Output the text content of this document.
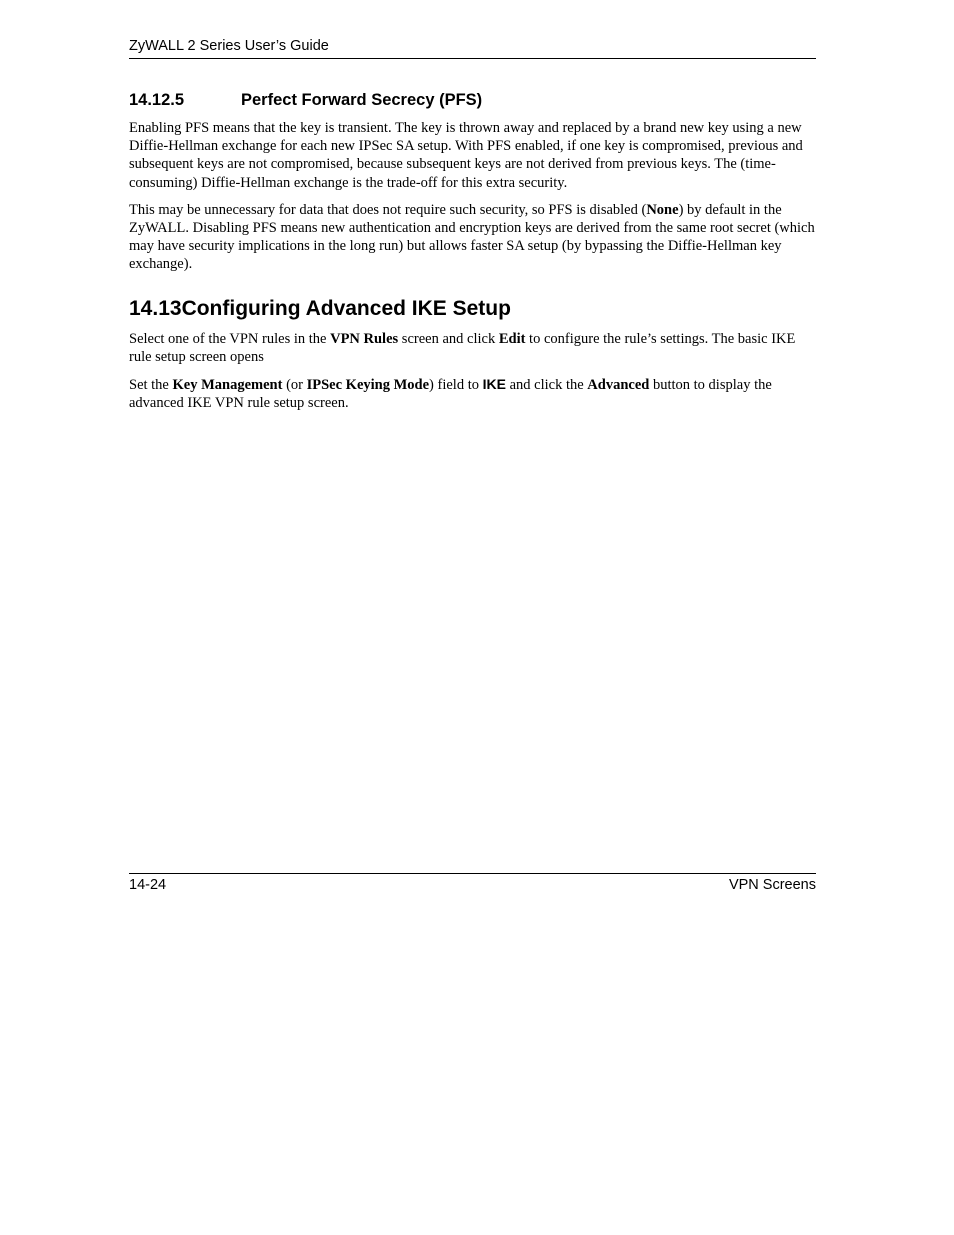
ZyWALL 2 Series User’s Guide
14.12.5	Perfect Forward Secrecy (PFS)

Enabling PFS means that the key is transient. The key is thrown away and replaced by a brand new key using a new Diffie-Hellman exchange for each new IPSec SA setup. With PFS enabled, if one key is compromised, previous and subsequent keys are not compromised, because subsequent keys are not derived from previous keys. The (time-consuming) Diffie-Hellman exchange is the trade-off for this extra security.

This may be unnecessary for data that does not require such security, so PFS is disabled (None) by default in the ZyWALL. Disabling PFS means new authentication and encryption keys are derived from the same root secret (which may have security implications in the long run) but allows faster SA setup (by bypassing the Diffie-Hellman key exchange).

14.13Configuring Advanced IKE Setup

Select one of the VPN rules in the VPN Rules screen and click Edit to configure the rule’s settings. The basic IKE rule setup screen opens

Set the Key Management (or IPSec Keying Mode) field to IKE and click the Advanced button to display the advanced IKE VPN rule setup screen.

14-24	VPN Screens
